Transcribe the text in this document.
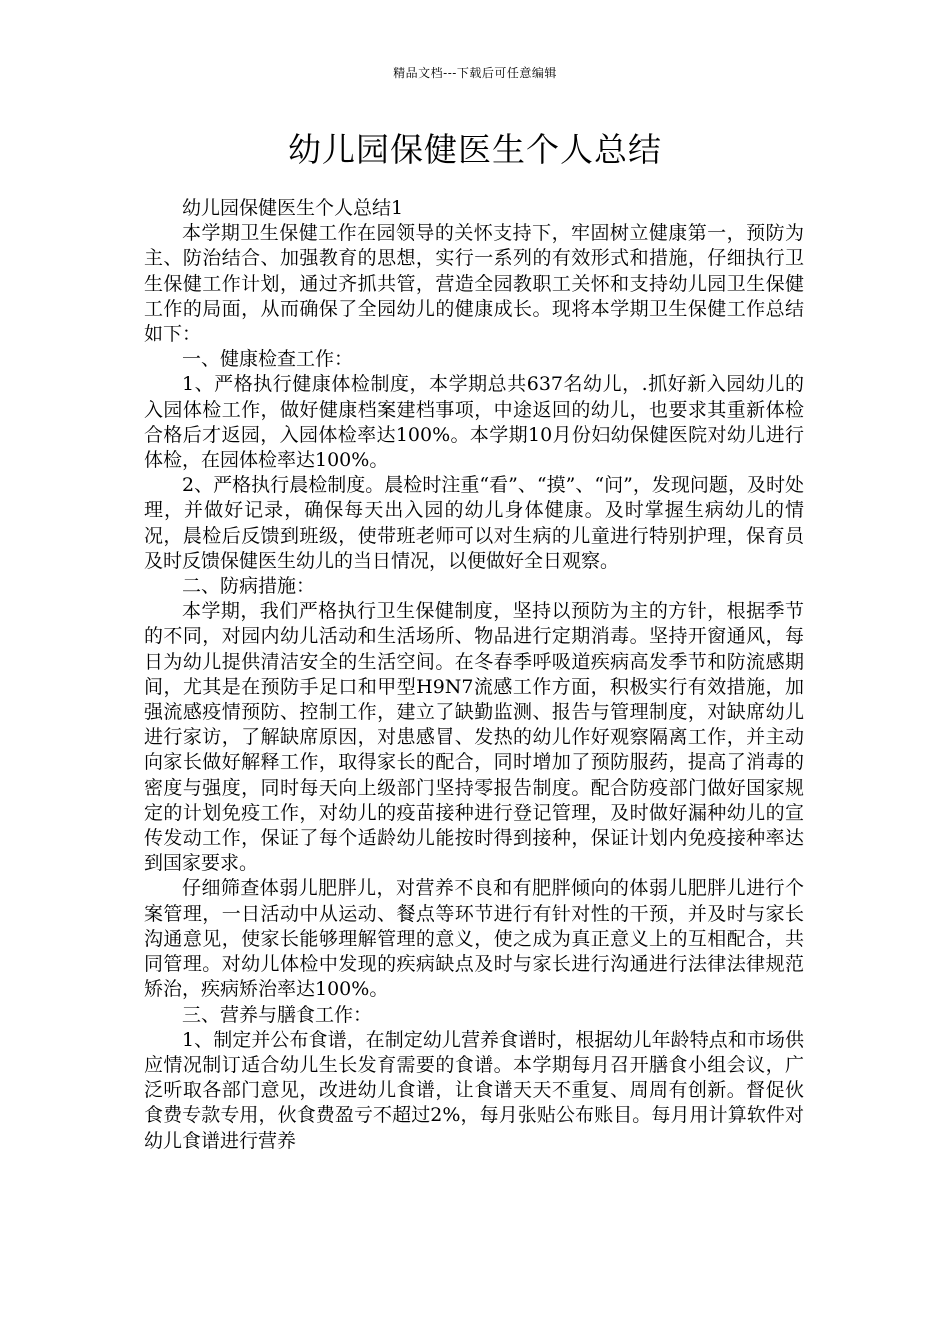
精品文档---下载后可任意编辑
幼儿园保健医生个人总结

幼儿园保健医生个人总结1

本学期卫生保健工作在园领导的关怀支持下，牢固树立健康第一，预防为主、防治结合、加强教育的思想，实行一系列的有效形式和措施，仔细执行卫生保健工作计划，通过齐抓共管，营造全园教职工关怀和支持幼儿园卫生保健工作的局面，从而确保了全园幼儿的健康成长。现将本学期卫生保健工作总结如下：

一、健康检查工作：

1、严格执行健康体检制度，本学期总共637名幼儿，.抓好新入园幼儿的入园体检工作，做好健康档案建档事项，中途返回的幼儿，也要求其重新体检合格后才返园，入园体检率达100%。本学期10月份妇幼保健医院对幼儿进行体检，在园体检率达100%。

2、严格执行晨检制度。晨检时注重“看”、“摸”、“问”，发现问题，及时处理，并做好记录，确保每天出入园的幼儿身体健康。及时掌握生病幼儿的情况，晨检后反馈到班级，使带班老师可以对生病的儿童进行特别护理，保育员及时反馈保健医生幼儿的当日情况，以便做好全日观察。

二、防病措施：

本学期，我们严格执行卫生保健制度，坚持以预防为主的方针，根据季节的不同，对园内幼儿活动和生活场所、物品进行定期消毒。坚持开窗通风，每日为幼儿提供清洁安全的生活空间。在冬春季呼吸道疾病高发季节和防流感期间，尤其是在预防手足口和甲型H9N7流感工作方面，积极实行有效措施，加强流感疫情预防、控制工作，建立了缺勤监测、报告与管理制度，对缺席幼儿进行家访，了解缺席原因，对患感冒、发热的幼儿作好观察隔离工作，并主动向家长做好解释工作，取得家长的配合，同时增加了预防服药，提高了消毒的密度与强度，同时每天向上级部门坚持零报告制度。配合防疫部门做好国家规定的计划免疫工作，对幼儿的疫苗接种进行登记管理，及时做好漏种幼儿的宣传发动工作，保证了每个适龄幼儿能按时得到接种，保证计划内免疫接种率达到国家要求。

仔细筛查体弱儿肥胖儿，对营养不良和有肥胖倾向的体弱儿肥胖儿进行个案管理，一日活动中从运动、餐点等环节进行有针对性的干预，并及时与家长沟通意见，使家长能够理解管理的意义，使之成为真正意义上的互相配合，共同管理。对幼儿体检中发现的疾病缺点及时与家长进行沟通进行法律法律规范矫治，疾病矫治率达100%。

三、营养与膳食工作：

1、制定并公布食谱，在制定幼儿营养食谱时，根据幼儿年龄特点和市场供应情况制订适合幼儿生长发育需要的食谱。本学期每月召开膳食小组会议，广泛听取各部门意见，改进幼儿食谱，让食谱天天不重复、周周有创新。督促伙食费专款专用，伙食费盈亏不超过2%，每月张贴公布账目。每月用计算软件对幼儿食谱进行营养
